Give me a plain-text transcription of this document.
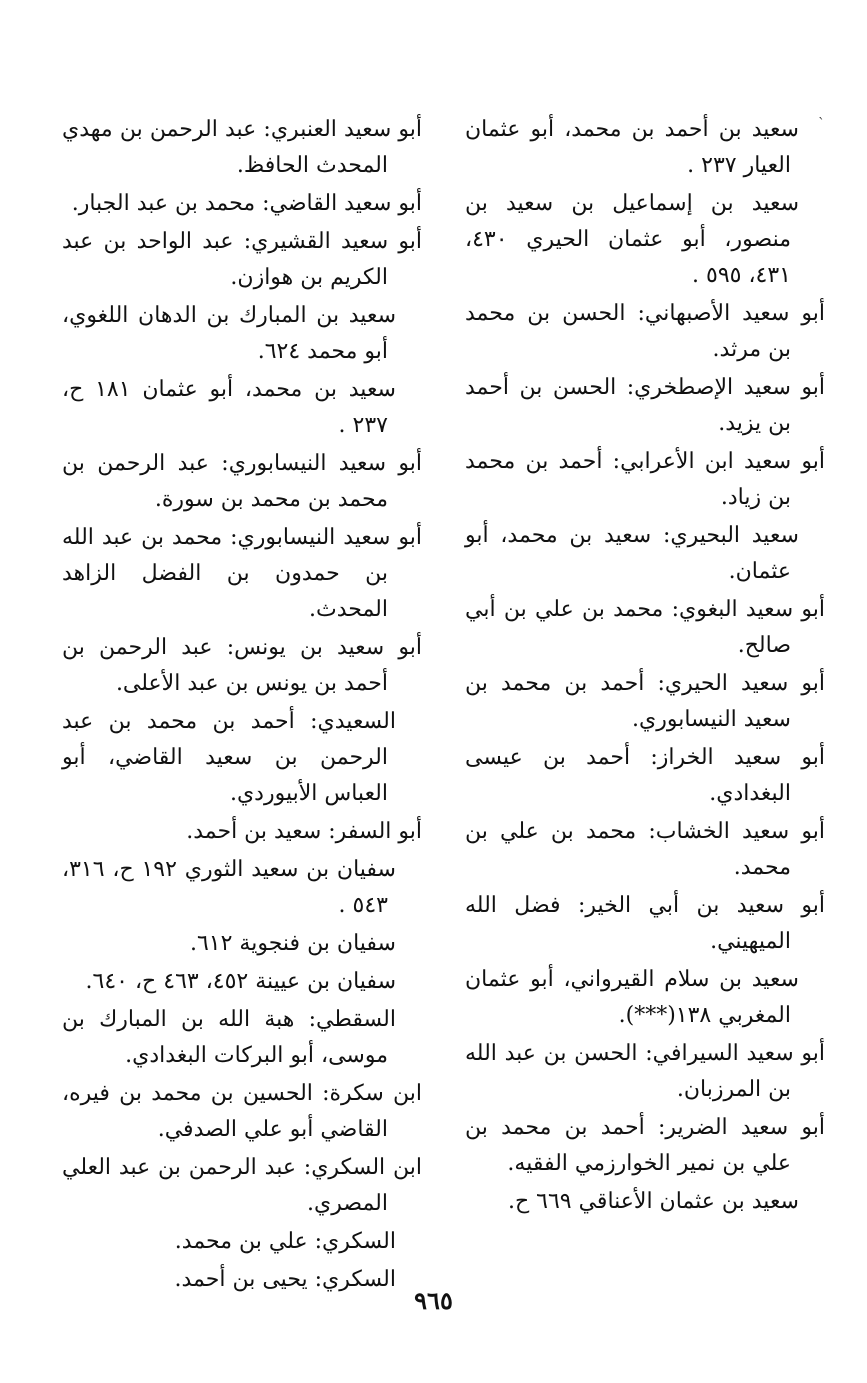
ˋ

سعيد بن أحمد بن محمد، أبو عثمان العيار ٢٣٧ .

سعيد بن إسماعيل بن سعيد بن منصور، أبو عثمان الحيري ٤٣٠، ٤٣١، ٥٩٥ .

أبو سعيد الأصبهاني: الحسن بن محمد بن مرثد.

أبو سعيد الإصطخري: الحسن بن أحمد بن يزيد.

أبو سعيد ابن الأعرابي: أحمد بن محمد بن زياد.

سعيد البحيري: سعيد بن محمد، أبو عثمان.

أبو سعيد البغوي: محمد بن علي بن أبي صالح.

أبو سعيد الحيري: أحمد بن محمد بن سعيد النيسابوري.

أبو سعيد الخراز: أحمد بن عيسى البغدادي.

أبو سعيد الخشاب: محمد بن علي بن محمد.

أبو سعيد بن أبي الخير: فضل الله الميهيني.

سعيد بن سلام القيرواني، أبو عثمان المغربي ١٣٨(***).

أبو سعيد السيرافي: الحسن بن عبد الله بن المرزبان.

أبو سعيد الضرير: أحمد بن محمد بن علي بن نمير الخوارزمي الفقيه.

سعيد بن عثمان الأعناقي ٦٦٩ ح.

أبو سعيد العنبري: عبد الرحمن بن مهدي المحدث الحافظ.

أبو سعيد القاضي: محمد بن عبد الجبار.

أبو سعيد القشيري: عبد الواحد بن عبد الكريم بن هوازن.

سعيد بن المبارك بن الدهان اللغوي، أبو محمد ٦٢٤.

سعيد بن محمد، أبو عثمان ١٨١ ح، ٢٣٧ .

أبو سعيد النيسابوري: عبد الرحمن بن محمد بن محمد بن سورة.

أبو سعيد النيسابوري: محمد بن عبد الله بن حمدون بن الفضل الزاهد المحدث.

أبو سعيد بن يونس: عبد الرحمن بن أحمد بن يونس بن عبد الأعلى.

السعيدي: أحمد بن محمد بن عبد الرحمن بن سعيد القاضي، أبو العباس الأبيوردي.

أبو السفر: سعيد بن أحمد.

سفيان بن سعيد الثوري ١٩٢ ح، ٣١٦، ٥٤٣ .

سفيان بن فنجوية ٦١٢.

سفيان بن عيينة ٤٥٢، ٤٦٣ ح، ٦٤٠.

السقطي: هبة الله بن المبارك بن موسى، أبو البركات البغدادي.

ابن سكرة: الحسين بن محمد بن فيره، القاضي أبو علي الصدفي.

ابن السكري: عبد الرحمن بن عبد العلي المصري.

السكري: علي بن محمد.

السكري: يحيى بن أحمد.

٩٦٥
